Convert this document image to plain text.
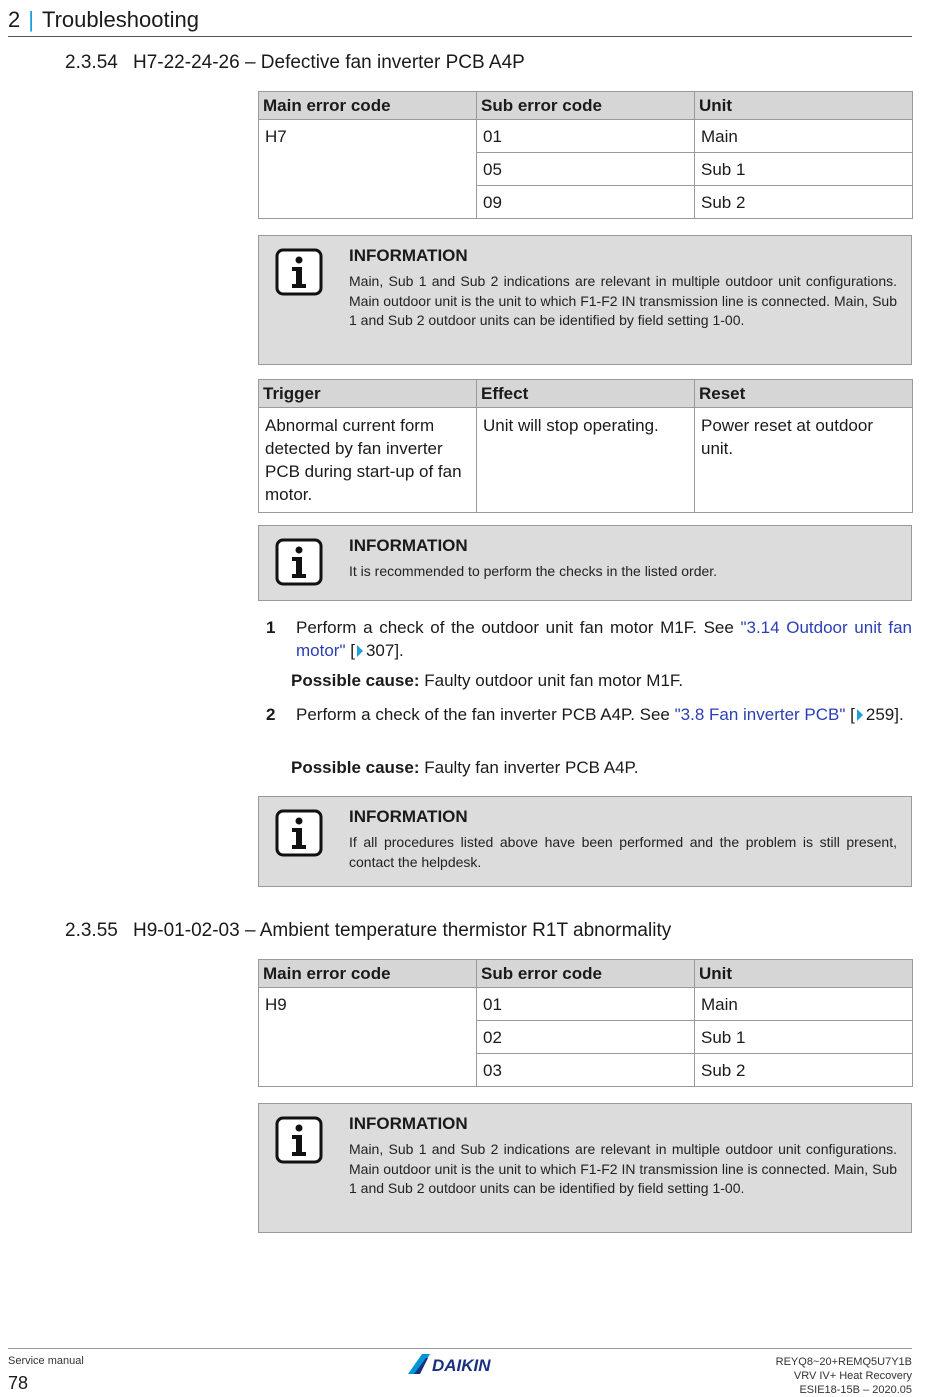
2 | Troubleshooting
2.3.54 H7-22-24-26 – Defective fan inverter PCB A4P
Main error code	Sub error code	Unit
H7	01	Main
	05	Sub 1
	09	Sub 2
INFORMATION
Main, Sub 1 and Sub 2 indications are relevant in multiple outdoor unit configurations. Main outdoor unit is the unit to which F1-F2 IN transmission line is connected. Main, Sub 1 and Sub 2 outdoor units can be identified by field setting 1-00.
Trigger	Effect	Reset
Abnormal current form detected by fan inverter PCB during start-up of fan motor.	Unit will stop operating.	Power reset at outdoor unit.
INFORMATION
It is recommended to perform the checks in the listed order.
1 Perform a check of the outdoor unit fan motor M1F. See "3.14 Outdoor unit fan motor" [ 307].
Possible cause: Faulty outdoor unit fan motor M1F.
2 Perform a check of the fan inverter PCB A4P. See "3.8 Fan inverter PCB" [ 259].
Possible cause: Faulty fan inverter PCB A4P.
INFORMATION
If all procedures listed above have been performed and the problem is still present, contact the helpdesk.
2.3.55 H9-01-02-03 – Ambient temperature thermistor R1T abnormality
Main error code	Sub error code	Unit
H9	01	Main
	02	Sub 1
	03	Sub 2
INFORMATION
Main, Sub 1 and Sub 2 indications are relevant in multiple outdoor unit configurations. Main outdoor unit is the unit to which F1-F2 IN transmission line is connected. Main, Sub 1 and Sub 2 outdoor units can be identified by field setting 1-00.
Service manual
78
DAIKIN	REYQ8~20+REMQ5U7Y1B
VRV IV+ Heat Recovery
ESIE18-15B – 2020.05
